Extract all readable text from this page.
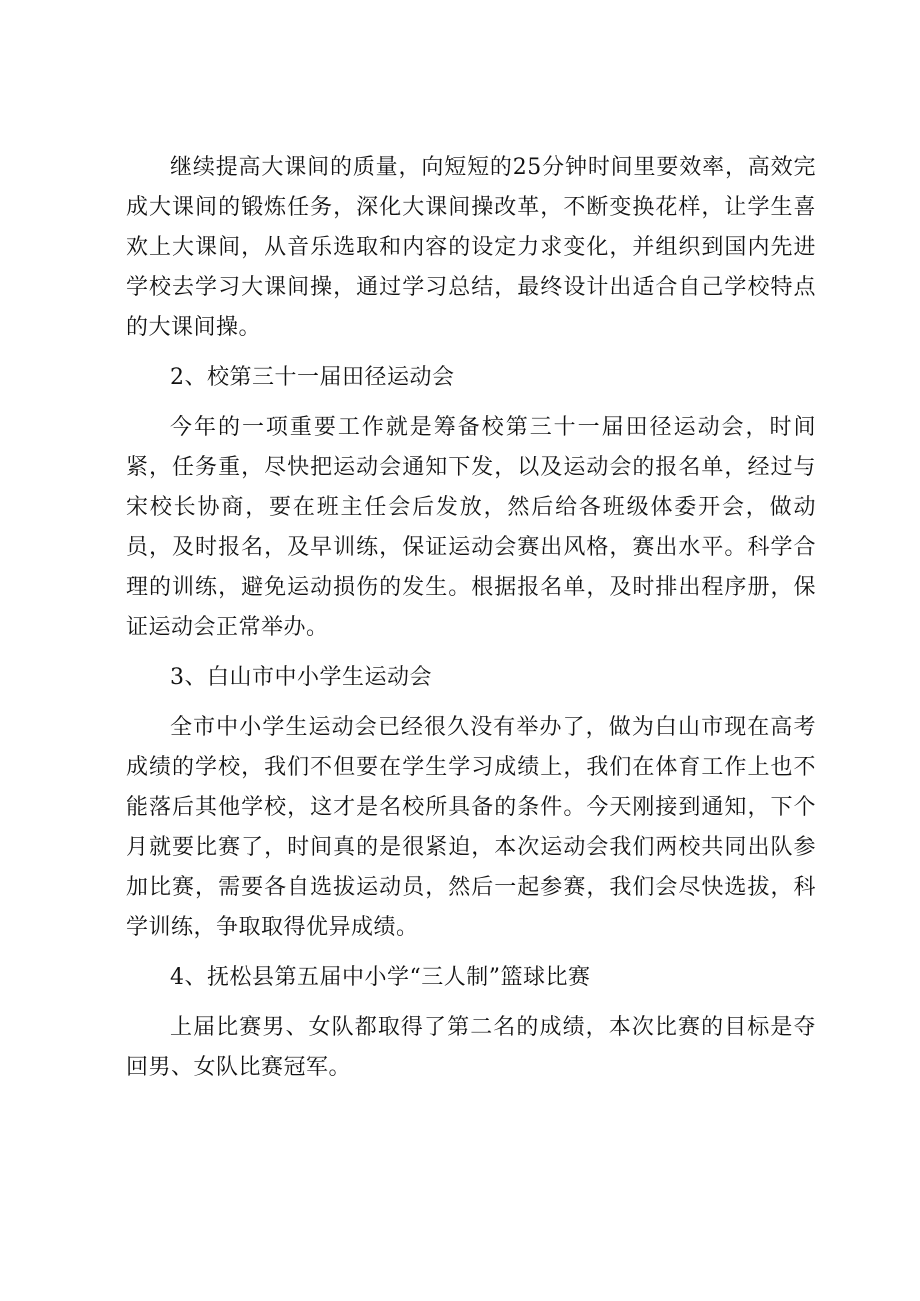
继续提高大课间的质量，向短短的25分钟时间里要效率，高效完成大课间的锻炼任务，深化大课间操改革，不断变换花样，让学生喜欢上大课间，从音乐选取和内容的设定力求变化，并组织到国内先进学校去学习大课间操，通过学习总结，最终设计出适合自己学校特点的大课间操。

2、校第三十一届田径运动会

今年的一项重要工作就是筹备校第三十一届田径运动会，时间紧，任务重，尽快把运动会通知下发，以及运动会的报名单，经过与宋校长协商，要在班主任会后发放，然后给各班级体委开会，做动员，及时报名，及早训练，保证运动会赛出风格，赛出水平。科学合理的训练，避免运动损伤的发生。根据报名单，及时排出程序册，保证运动会正常举办。

3、白山市中小学生运动会

全市中小学生运动会已经很久没有举办了，做为白山市现在高考成绩的学校，我们不但要在学生学习成绩上，我们在体育工作上也不能落后其他学校，这才是名校所具备的条件。今天刚接到通知，下个月就要比赛了，时间真的是很紧迫，本次运动会我们两校共同出队参加比赛，需要各自选拔运动员，然后一起参赛，我们会尽快选拔，科学训练，争取取得优异成绩。

4、抚松县第五届中小学“三人制”篮球比赛

上届比赛男、女队都取得了第二名的成绩，本次比赛的目标是夺回男、女队比赛冠军。
